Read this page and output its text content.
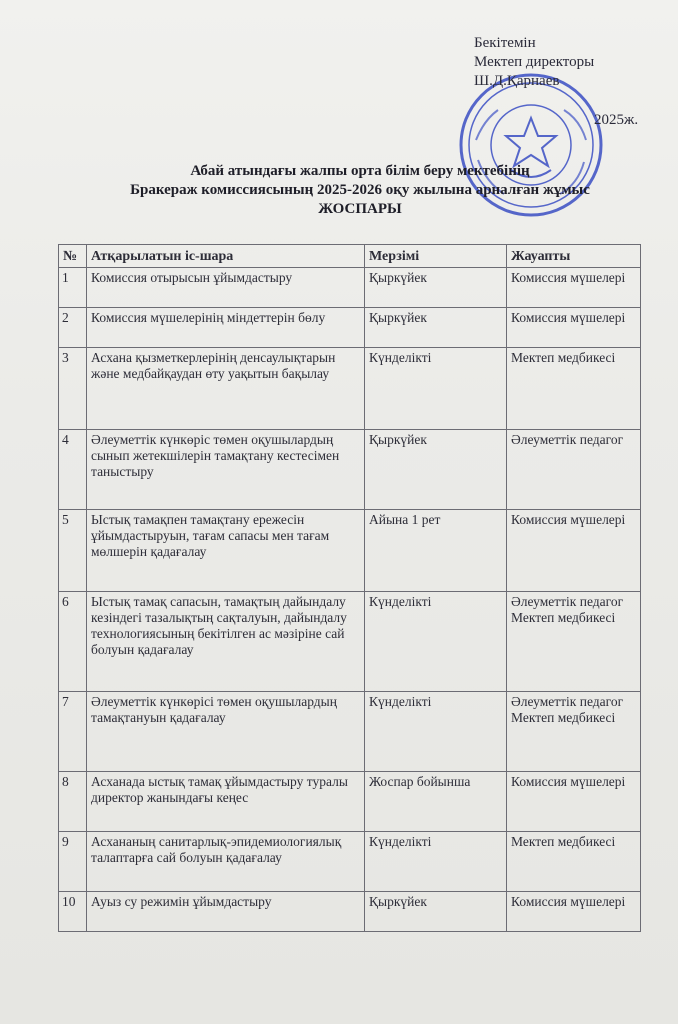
Бекітемін
Мектеп директоры
Ш.Д.Қарнаев
2025ж.
Абай атындағы жалпы орта білім беру мектебінің
Бракераж комиссиясының 2025-2026 оқу жылына арналған жұмыс
ЖОСПАРЫ
№	Атқарылатын іс-шара	Мерзімі	Жауапты
1	Комиссия отырысын ұйымдастыру	Қыркүйек	Комиссия мүшелері
2	Комиссия мүшелерінің міндеттерін бөлу	Қыркүйек	Комиссия мүшелері
3	Асхана қызметкерлерінің денсаулықтарын және медбайқаудан өту уақытын бақылау	Күнделікті	Мектеп медбикесі
4	Әлеуметтік күнкөріс төмен оқушылардың сынып жетекшілерін тамақтану кестесімен таныстыру	Қыркүйек	Әлеуметтік педагог
5	Ыстық тамақпен тамақтану ережесін ұйымдастыруын, тағам сапасы мен тағам мөлшерін қадағалау	Айына 1 рет	Комиссия мүшелері
6	Ыстық тамақ сапасын, тамақтың дайындалу кезіндегі тазалықтың сақталуын, дайындалу технологиясының бекітілген ас мәзіріне сай болуын қадағалау	Күнделікті	Әлеуметтік педагог Мектеп медбикесі
7	Әлеуметтік күнкөрісі төмен оқушылардың тамақтануын қадағалау	Күнделікті	Әлеуметтік педагог Мектеп медбикесі
8	Асханада ыстық тамақ ұйымдастыру туралы директор жанындағы кеңес	Жоспар бойынша	Комиссия мүшелері
9	Асхананың санитарлық-эпидемиологиялық талаптарға сай болуын қадағалау	Күнделікті	Мектеп медбикесі
10	Ауыз су режимін ұйымдастыру	Қыркүйек	Комиссия мүшелері
